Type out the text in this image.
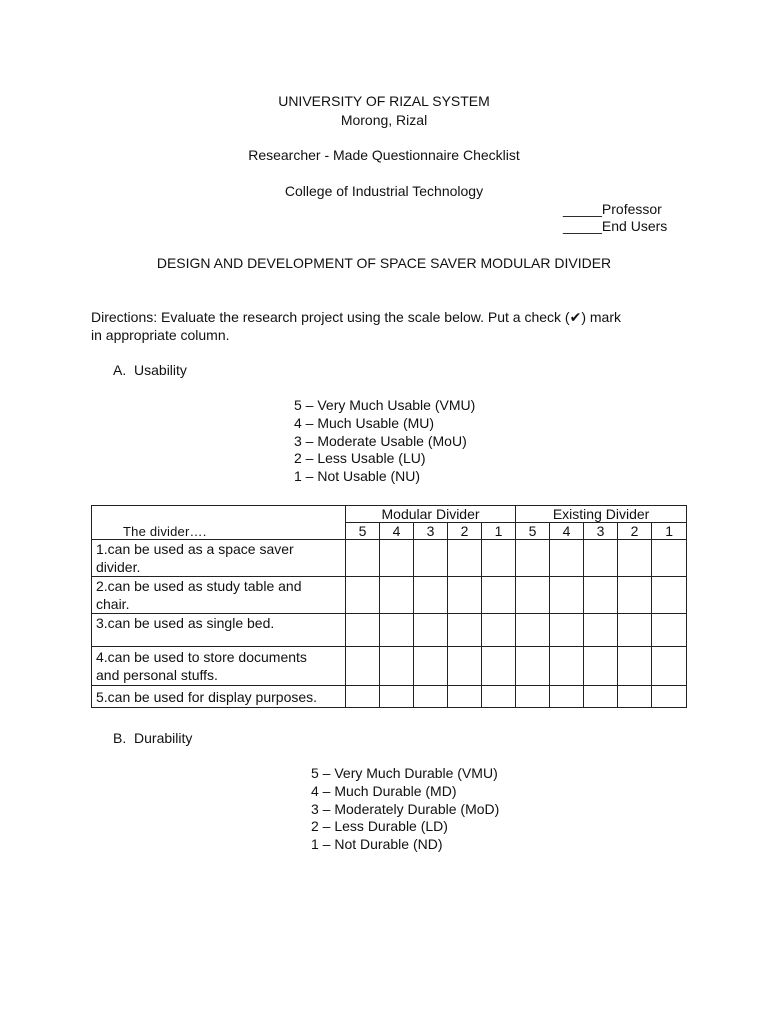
UNIVERSITY OF RIZAL SYSTEM
Morong, Rizal
Researcher - Made Questionnaire Checklist
College of Industrial Technology
_____Professor
_____End Users
DESIGN AND DEVELOPMENT OF SPACE SAVER MODULAR DIVIDER
Directions: Evaluate the research project using the scale below. Put a check (✔) mark
in appropriate column.
A.  Usability
5 – Very Much Usable (VMU)
4 – Much Usable (MU)
3 – Moderate Usable (MoU)
2 – Less Usable (LU)
1 – Not Usable (NU)
The divider….	Modular Divider					Existing Divider				
	5	4	3	2	1	5	4	3	2	1

1.can be used as a space saver
divider.										

2.can be used as study table and
chair.										

3.can be used as single bed.										

4.can be used to store documents
and personal stuffs.										

5.can be used for display purposes.										

B.  Durability
5 – Very Much Durable (VMU)
4 – Much Durable (MD)
3 – Moderately Durable (MoD)
2 – Less Durable (LD)
1 – Not Durable (ND)
